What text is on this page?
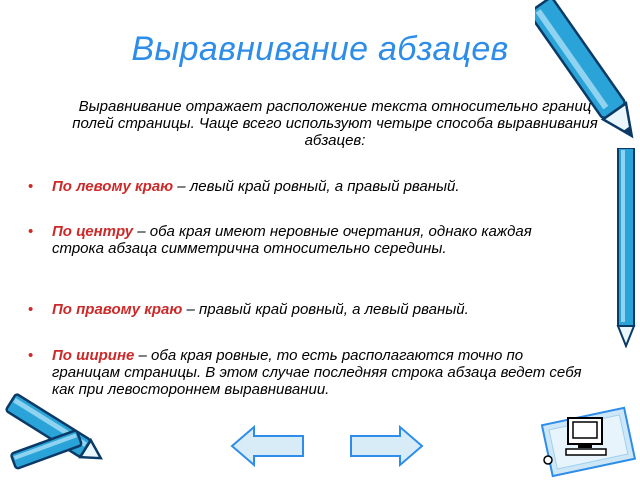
Выравнивание абзацев
Выравнивание отражает расположение текста относительно границ полей страницы. Чаще всего используют четыре способа выравнивания абзацев:
• По левому краю – левый край ровный, а правый рваный.
• По центру – оба края имеют неровные очертания, однако каждая строка абзаца симметрична относительно середины.
• По правому краю – правый край ровный, а левый рваный.
• По ширине – оба края ровные, то есть располагаются точно по границам страницы. В этом случае последняя строка абзаца ведет себя как при левостороннем выравнивании.
